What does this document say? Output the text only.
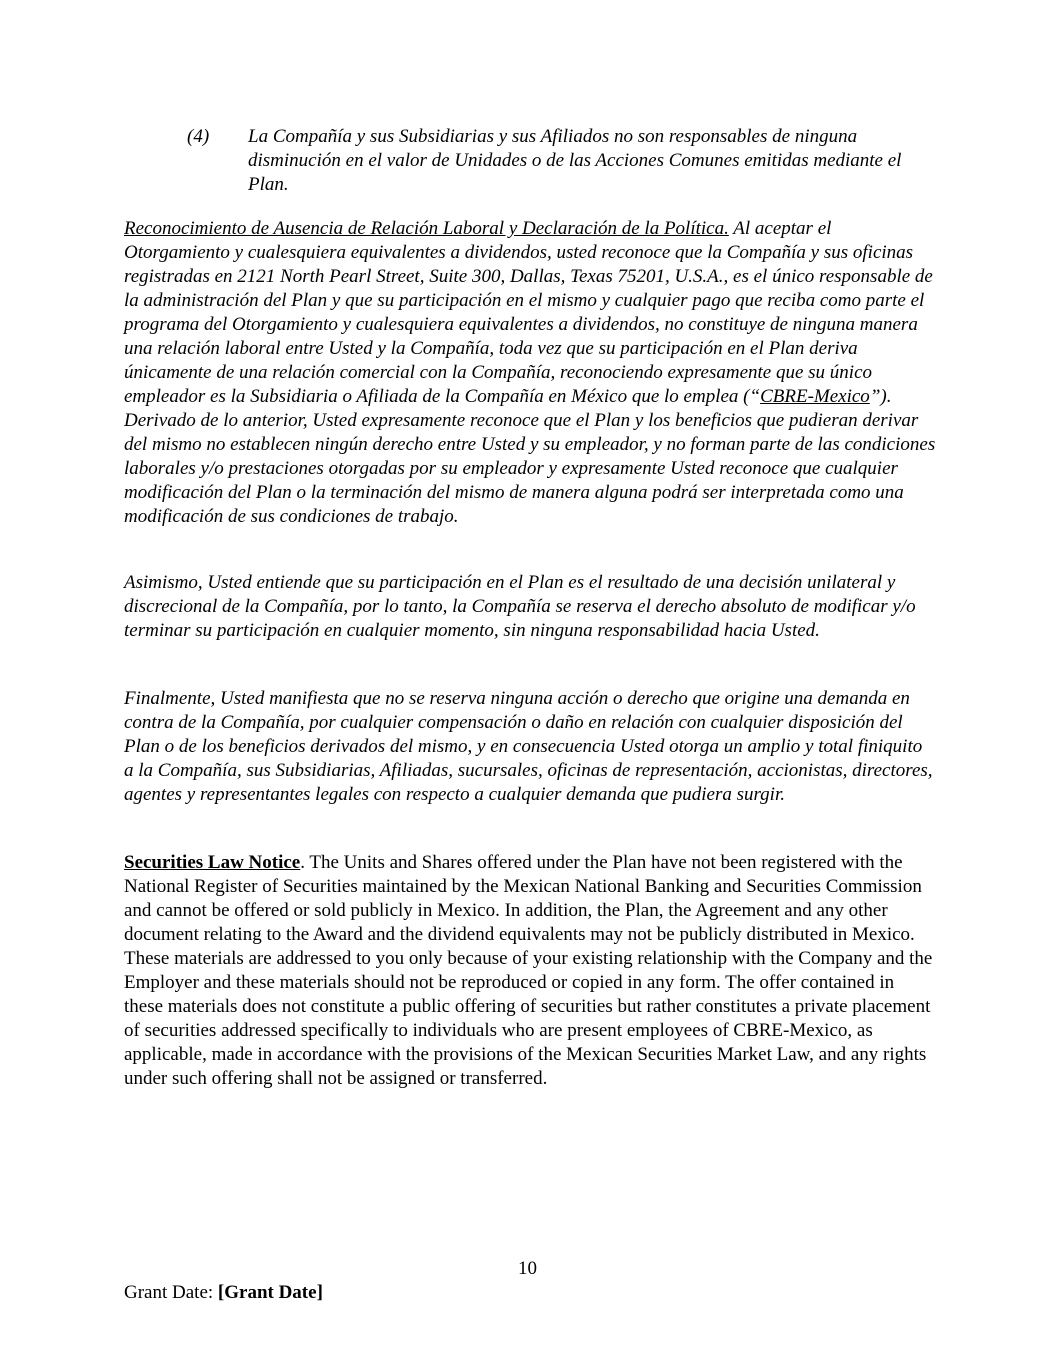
(4)	La Compañía y sus Subsidiarias y sus Afiliados no son responsables de ninguna disminución en el valor de Unidades o de las Acciones Comunes emitidas mediante el Plan.

Reconocimiento de Ausencia de Relación Laboral y Declaración de la Política. Al aceptar el Otorgamiento y cualesquiera equivalentes a dividendos, usted reconoce que la Compañía y sus oficinas registradas en 2121 North Pearl Street, Suite 300, Dallas, Texas 75201, U.S.A., es el único responsable de la administración del Plan y que su participación en el mismo y cualquier pago que reciba como parte el programa del Otorgamiento y cualesquiera equivalentes a dividendos, no constituye de ninguna manera una relación laboral entre Usted y la Compañía, toda vez que su participación en el Plan deriva únicamente de una relación comercial con la Compañía, reconociendo expresamente que su único empleador es la Subsidiaria o Afiliada de la Compañía en México que lo emplea (“CBRE-Mexico”). Derivado de lo anterior, Usted expresamente reconoce que el Plan y los beneficios que pudieran derivar del mismo no establecen ningún derecho entre Usted y su empleador, y no forman parte de las condiciones laborales y/o prestaciones otorgadas por su empleador y expresamente Usted reconoce que cualquier modificación del Plan o la terminación del mismo de manera alguna podrá ser interpretada como una modificación de sus condiciones de trabajo.

Asimismo, Usted entiende que su participación en el Plan es el resultado de una decisión unilateral y discrecional de la Compañía, por lo tanto, la Compañía se reserva el derecho absoluto de modificar y/o terminar su participación en cualquier momento, sin ninguna responsabilidad hacia Usted.

Finalmente, Usted manifiesta que no se reserva ninguna acción o derecho que origine una demanda en contra de la Compañía, por cualquier compensación o daño en relación con cualquier disposición del Plan o de los beneficios derivados del mismo, y en consecuencia Usted otorga un amplio y total finiquito a la Compañía, sus Subsidiarias, Afiliadas, sucursales, oficinas de representación, accionistas, directores, agentes y representantes legales con respecto a cualquier demanda que pudiera surgir.

Securities Law Notice. The Units and Shares offered under the Plan have not been registered with the National Register of Securities maintained by the Mexican National Banking and Securities Commission and cannot be offered or sold publicly in Mexico. In addition, the Plan, the Agreement and any other document relating to the Award and the dividend equivalents may not be publicly distributed in Mexico. These materials are addressed to you only because of your existing relationship with the Company and the Employer and these materials should not be reproduced or copied in any form. The offer contained in these materials does not constitute a public offering of securities but rather constitutes a private placement of securities addressed specifically to individuals who are present employees of CBRE-Mexico, as applicable, made in accordance with the provisions of the Mexican Securities Market Law, and any rights under such offering shall not be assigned or transferred.

10
Grant Date: [Grant Date]
